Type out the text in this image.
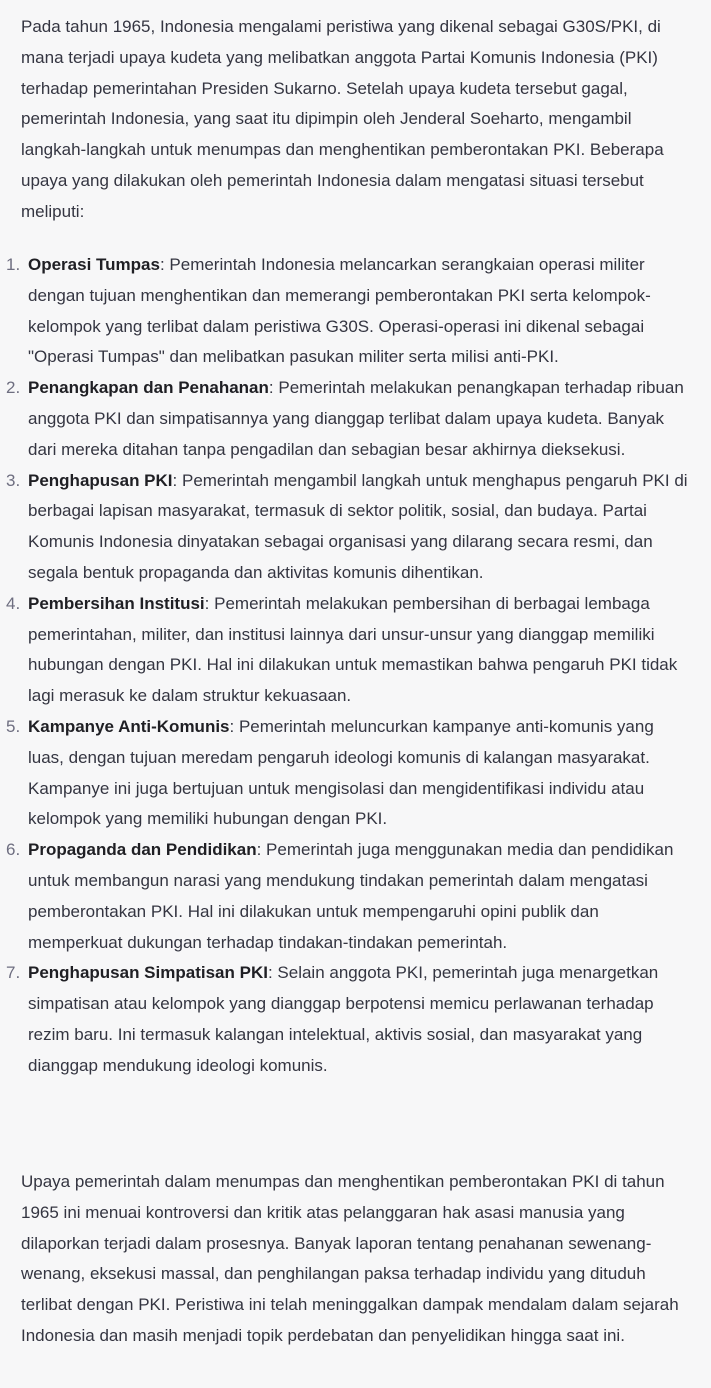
Pada tahun 1965, Indonesia mengalami peristiwa yang dikenal sebagai G30S/PKI, di mana terjadi upaya kudeta yang melibatkan anggota Partai Komunis Indonesia (PKI) terhadap pemerintahan Presiden Sukarno. Setelah upaya kudeta tersebut gagal, pemerintah Indonesia, yang saat itu dipimpin oleh Jenderal Soeharto, mengambil langkah-langkah untuk menumpas dan menghentikan pemberontakan PKI. Beberapa upaya yang dilakukan oleh pemerintah Indonesia dalam mengatasi situasi tersebut meliputi:

1. Operasi Tumpas: Pemerintah Indonesia melancarkan serangkaian operasi militer dengan tujuan menghentikan dan memerangi pemberontakan PKI serta kelompok-kelompok yang terlibat dalam peristiwa G30S. Operasi-operasi ini dikenal sebagai "Operasi Tumpas" dan melibatkan pasukan militer serta milisi anti-PKI.
2. Penangkapan dan Penahanan: Pemerintah melakukan penangkapan terhadap ribuan anggota PKI dan simpatisannya yang dianggap terlibat dalam upaya kudeta. Banyak dari mereka ditahan tanpa pengadilan dan sebagian besar akhirnya dieksekusi.
3. Penghapusan PKI: Pemerintah mengambil langkah untuk menghapus pengaruh PKI di berbagai lapisan masyarakat, termasuk di sektor politik, sosial, dan budaya. Partai Komunis Indonesia dinyatakan sebagai organisasi yang dilarang secara resmi, dan segala bentuk propaganda dan aktivitas komunis dihentikan.
4. Pembersihan Institusi: Pemerintah melakukan pembersihan di berbagai lembaga pemerintahan, militer, dan institusi lainnya dari unsur-unsur yang dianggap memiliki hubungan dengan PKI. Hal ini dilakukan untuk memastikan bahwa pengaruh PKI tidak lagi merasuk ke dalam struktur kekuasaan.
5. Kampanye Anti-Komunis: Pemerintah meluncurkan kampanye anti-komunis yang luas, dengan tujuan meredam pengaruh ideologi komunis di kalangan masyarakat. Kampanye ini juga bertujuan untuk mengisolasi dan mengidentifikasi individu atau kelompok yang memiliki hubungan dengan PKI.
6. Propaganda dan Pendidikan: Pemerintah juga menggunakan media dan pendidikan untuk membangun narasi yang mendukung tindakan pemerintah dalam mengatasi pemberontakan PKI. Hal ini dilakukan untuk mempengaruhi opini publik dan memperkuat dukungan terhadap tindakan-tindakan pemerintah.
7. Penghapusan Simpatisan PKI: Selain anggota PKI, pemerintah juga menargetkan simpatisan atau kelompok yang dianggap berpotensi memicu perlawanan terhadap rezim baru. Ini termasuk kalangan intelektual, aktivis sosial, dan masyarakat yang dianggap mendukung ideologi komunis.

Upaya pemerintah dalam menumpas dan menghentikan pemberontakan PKI di tahun 1965 ini menuai kontroversi dan kritik atas pelanggaran hak asasi manusia yang dilaporkan terjadi dalam prosesnya. Banyak laporan tentang penahanan sewenang-wenang, eksekusi massal, dan penghilangan paksa terhadap individu yang dituduh terlibat dengan PKI. Peristiwa ini telah meninggalkan dampak mendalam dalam sejarah Indonesia dan masih menjadi topik perdebatan dan penyelidikan hingga saat ini.
